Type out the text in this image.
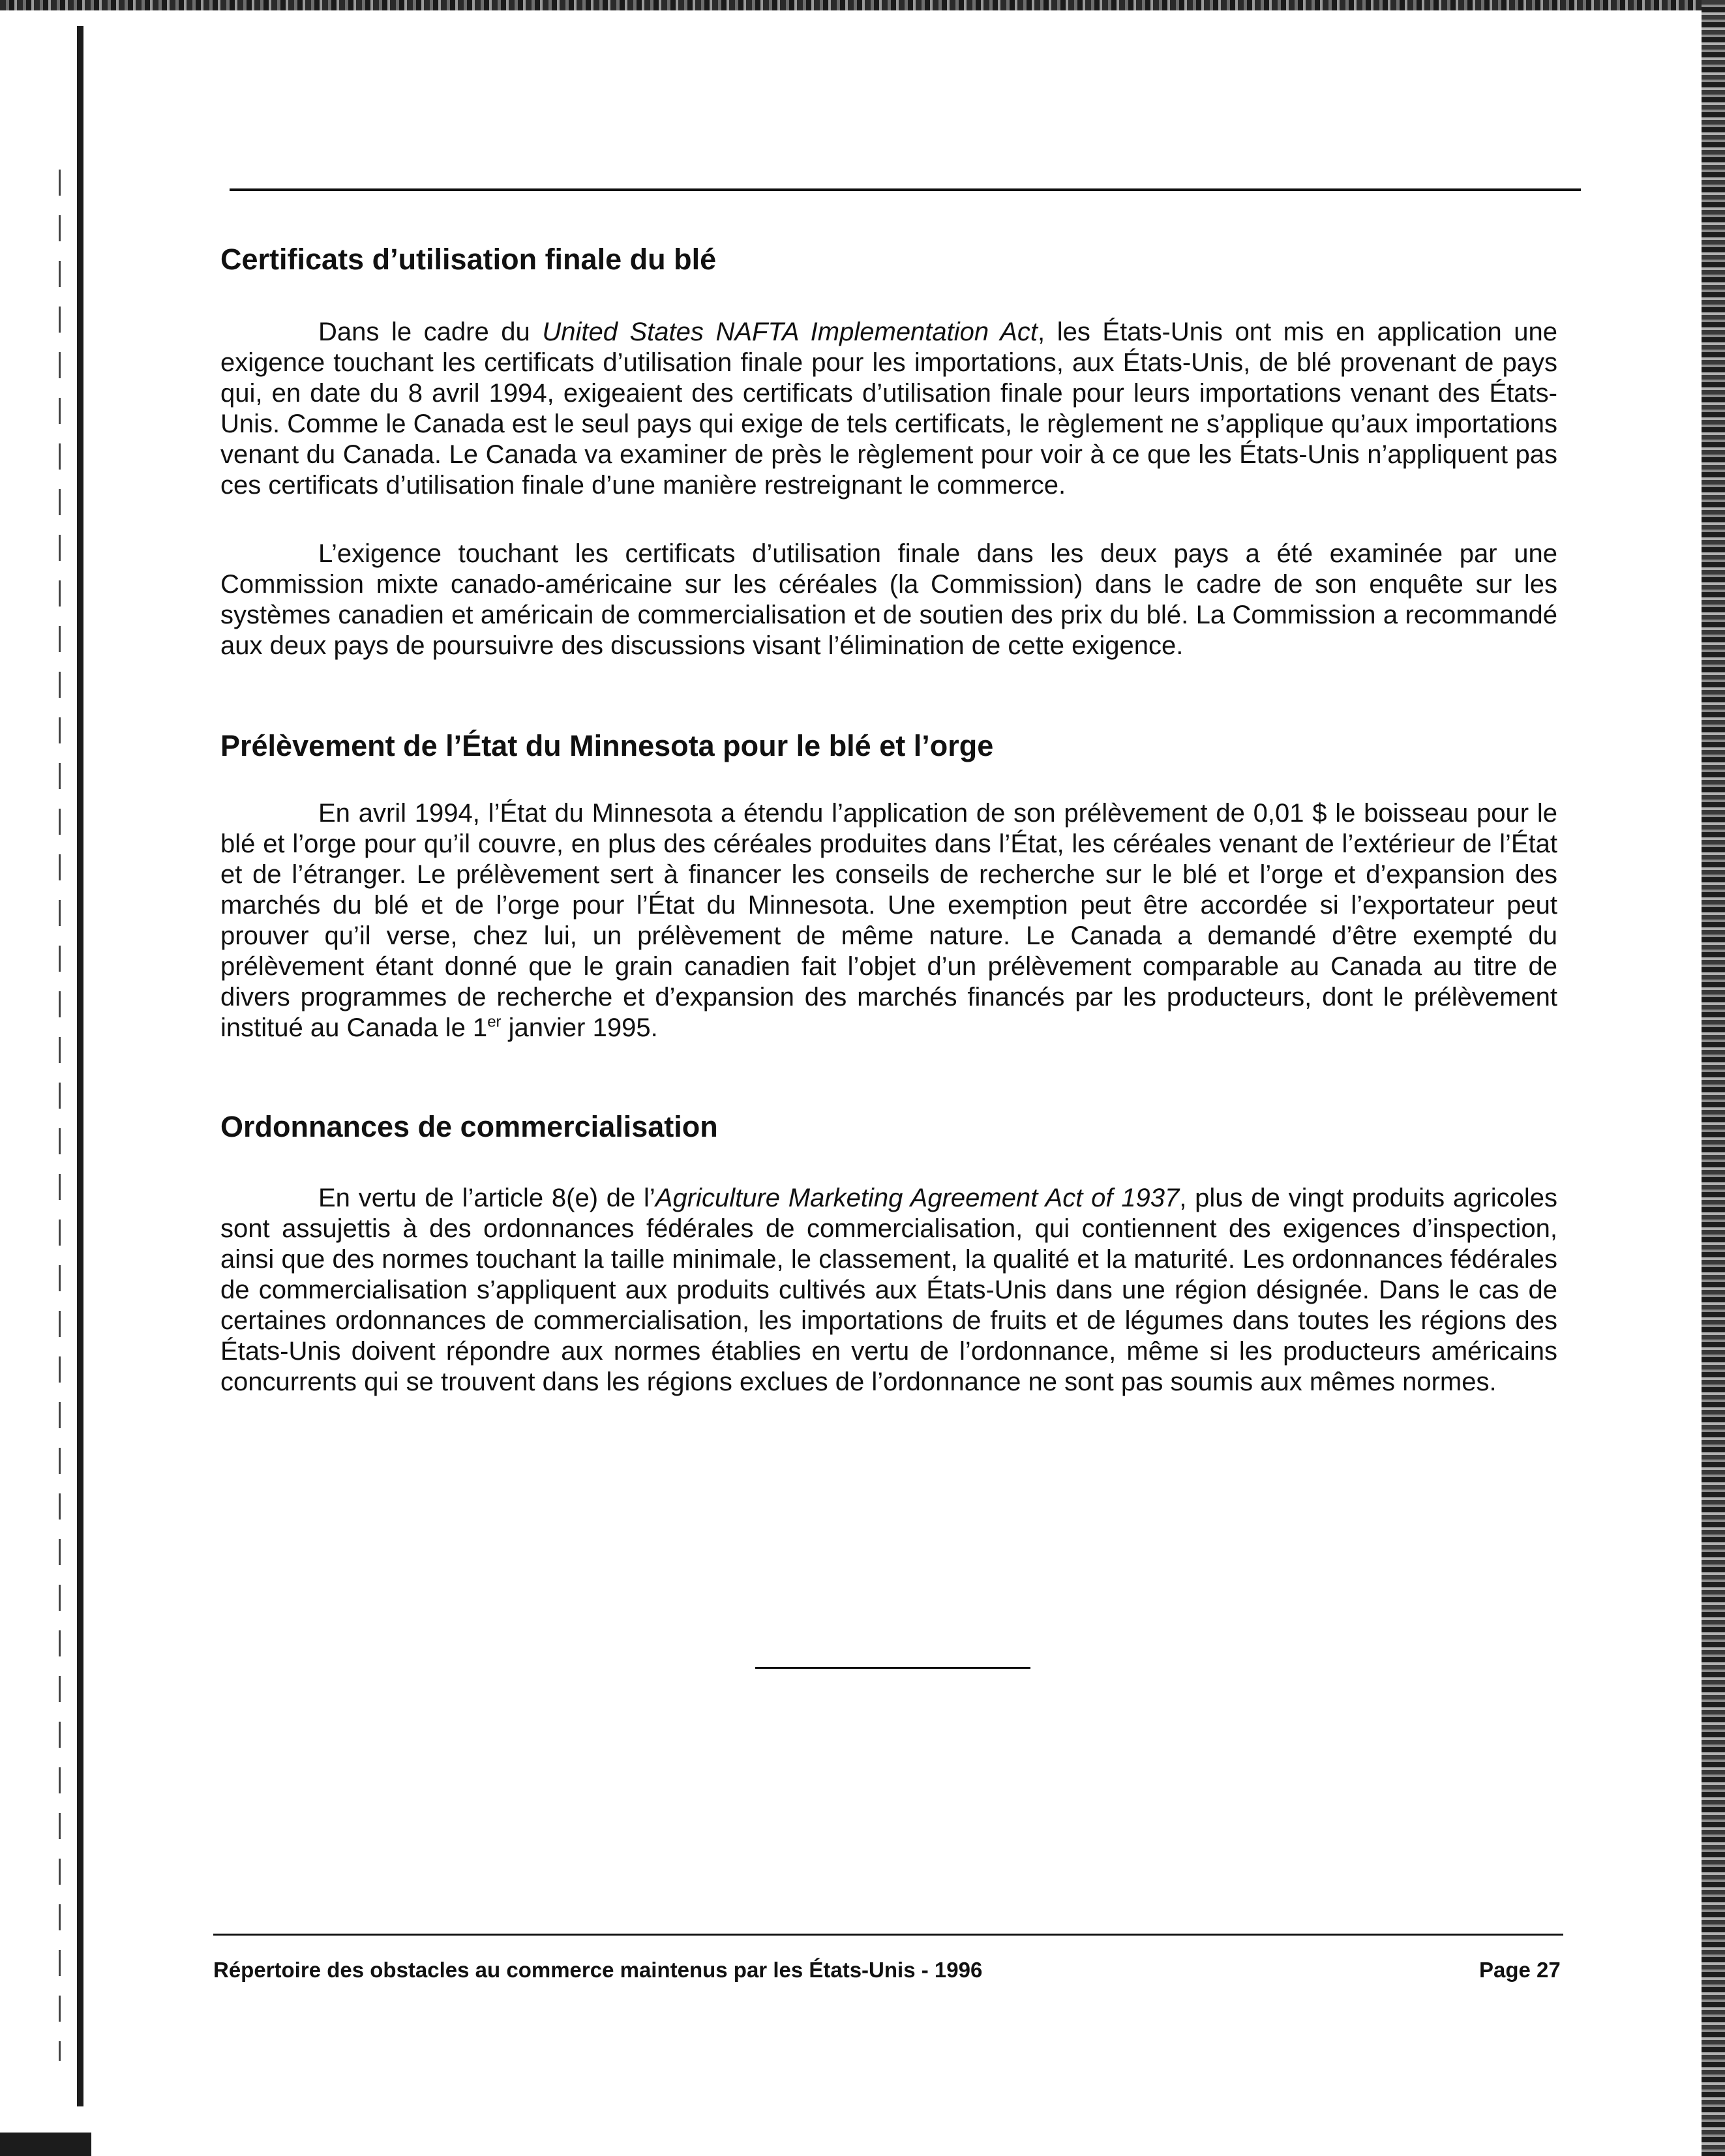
Certificats d’utilisation finale du blé

Dans le cadre du United States NAFTA Implementation Act, les États-Unis ont mis en application une exigence touchant les certificats d’utilisation finale pour les importations, aux États-Unis, de blé provenant de pays qui, en date du 8 avril 1994, exigeaient des certificats d’utilisation finale pour leurs importations venant des États-Unis. Comme le Canada est le seul pays qui exige de tels certificats, le règlement ne s’applique qu’aux importations venant du Canada. Le Canada va examiner de près le règlement pour voir à ce que les États-Unis n’appliquent pas ces certificats d’utilisation finale d’une manière restreignant le commerce.

L’exigence touchant les certificats d’utilisation finale dans les deux pays a été examinée par une Commission mixte canado-américaine sur les céréales (la Commission) dans le cadre de son enquête sur les systèmes canadien et américain de commercialisation et de soutien des prix du blé. La Commission a recommandé aux deux pays de poursuivre des discussions visant l’élimination de cette exigence.

Prélèvement de l’État du Minnesota pour le blé et l’orge

En avril 1994, l’État du Minnesota a étendu l’application de son prélèvement de 0,01 $ le boisseau pour le blé et l’orge pour qu’il couvre, en plus des céréales produites dans l’État, les céréales venant de l’extérieur de l’État et de l’étranger. Le prélèvement sert à financer les conseils de recherche sur le blé et l’orge et d’expansion des marchés du blé et de l’orge pour l’État du Minnesota. Une exemption peut être accordée si l’exportateur peut prouver qu’il verse, chez lui, un prélèvement de même nature. Le Canada a demandé d’être exempté du prélèvement étant donné que le grain canadien fait l’objet d’un prélèvement comparable au Canada au titre de divers programmes de recherche et d’expansion des marchés financés par les producteurs, dont le prélèvement institué au Canada le 1er janvier 1995.

Ordonnances de commercialisation

En vertu de l’article 8(e) de l’Agriculture Marketing Agreement Act of 1937, plus de vingt produits agricoles sont assujettis à des ordonnances fédérales de commercialisation, qui contiennent des exigences d’inspection, ainsi que des normes touchant la taille minimale, le classement, la qualité et la maturité. Les ordonnances fédérales de commercialisation s’appliquent aux produits cultivés aux États-Unis dans une région désignée. Dans le cas de certaines ordonnances de commercialisation, les importations de fruits et de légumes dans toutes les régions des États-Unis doivent répondre aux normes établies en vertu de l’ordonnance, même si les producteurs américains concurrents qui se trouvent dans les régions exclues de l’ordonnance ne sont pas soumis aux mêmes normes.

Répertoire des obstacles au commerce maintenus par les États-Unis - 1996	Page 27
